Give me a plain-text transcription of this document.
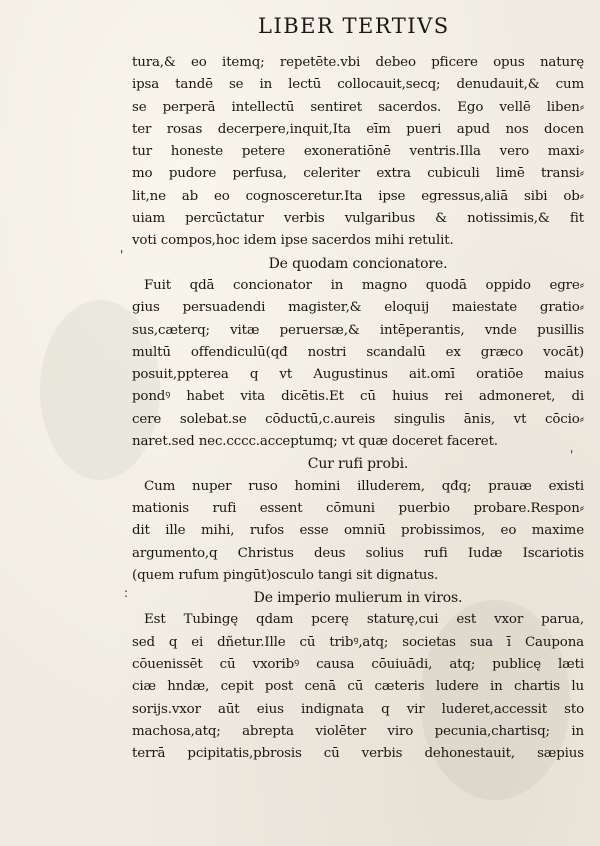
LIBER TERTIVS
tura,& eo itemq; repetēte.vbi debeo pficere opus naturę
ipsa tandē se in lectū collocauit,secq; denudauit,& cum
se perperā intellectū sentiret sacerdos. Ego vellē liben⸗
ter rosas decerpere,inquit,Ita eīm pueri apud nos docen
tur honeste petere exoneratiōnē ventris.Illa vero maxi⸗
mo pudore perfusa, celeriter extra cubiculi limē transi⸗
lit,ne ab eo cognosceretur.Ita ipse egressus,aliā sibi ob⸗
uiam percūctatur verbis vulgaribus & notissimis,& fit
voti compos,hoc idem ipse sacerdos mihi retulit.
De quodam concionatore.
Fuit qdā concionator in magno quodā oppido egre⸗
gius persuadendi magister,& eloquij maiestate gratio⸗
sus,cæterq; vitæ peruersæ,& intēperantis, vnde pusillis
multū offendiculū(qđ nostri scandalū ex græco vocāt)
posuit,ppterea q vt Augustinus ait.omī oratiōe maius
pondꝰ habet vita dicētis.Et cū huius rei admoneret, di
cere solebat.se cōductū,c.aureis singulis ānis, vt cōcio⸗
naret.sed nec.cccc.acceptumq; vt quæ doceret faceret.
Cur rufi probi.
Cum nuper ruso homini illuderem, qđq; prauæ existi
mationis rufi essent cōmuni puerbio probare.Respon⸗
dit ille mihi, rufos esse omniū probissimos, eo maxime
argumento,q Christus deus solius rufi Iudæ Iscariotis
(quem rufum pingūt)osculo tangi sit dignatus.
De imperio mulierum in viros.
Est Tubingę qdam pcerę staturę,cui est vxor parua,
sed q ei dñetur.Ille cū tribꝰ,atq; societas sua ī Caupona
cōuenissēt cū vxoribꝰ causa cōuiuādi, atq; publicę læti
ciæ hndæ, cepit post cenā cū cæteris ludere in chartis lu
sorijs.vxor aūt eius indignata q vir luderet,accessit sto
machosa,atq; abrepta violēter viro pecunia,chartisq; in
terrā pcipitatis,pbrosis cū verbis dehonestauit, sæpius
'
:
'
